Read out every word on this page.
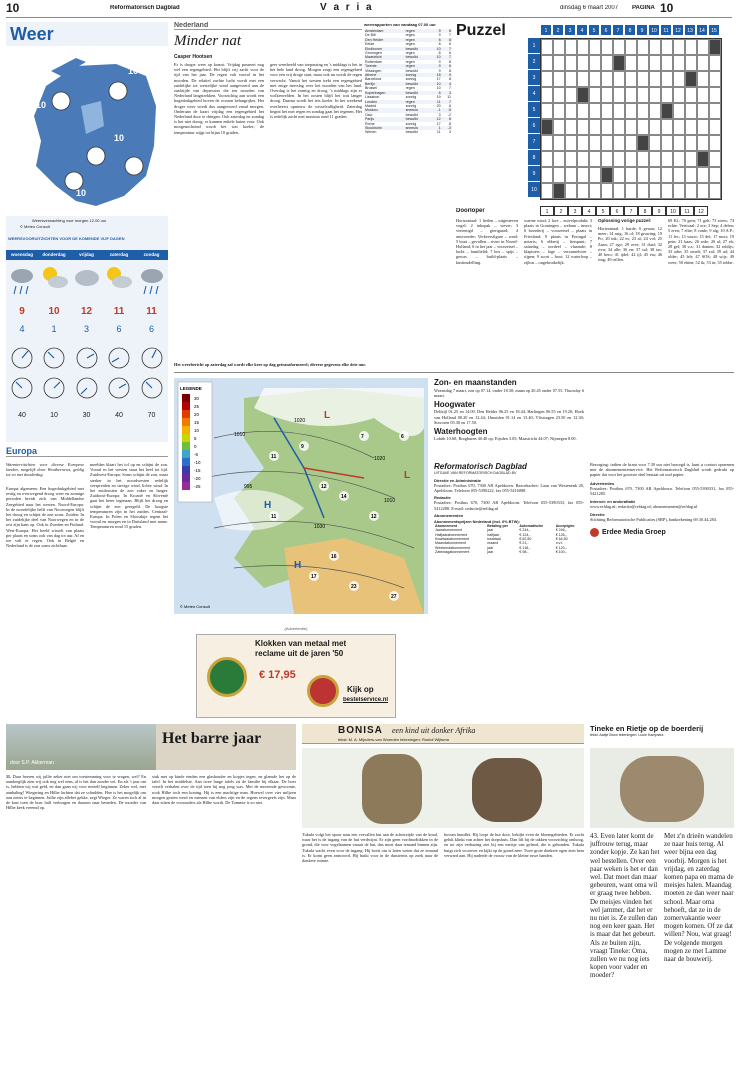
10	Reformatorisch Dagblad	V a r i a	dinsdag 6 maart 2007 PAGINA 10
Weer
10
10
10
10	10
Weersverwachting voor morgen 12.00 uur
© Meteo Consult
WEERSVOORUITZICHTEN VOOR DE KOMENDE VIJF DAGEN
woensdag	donderdag	vrijdag	zaterdag	zondag
9	10	12	11	11
4	1	3	6	6
40	10	30	40	70
Nederland
Minder nat
Casper Hootsen
Er is droger weer op komst. Vrijdag passeert nog wel een regengebied. Het blijft vrij zacht voor de tijd van het jaar. De regen valt vooral in het noorden. De relatief zachte lucht wordt met een zuidelijke tot westelijke wind aangevoerd aan de zuidzijde van depressies die ten noorden van Nederland langstrekken. Voorzichtig aan wordt een hogedrukgebied boven de oceaan belangrijker. Het droger weer wordt dus aangevoerd vanaf morgen. Onderaan de kaart vrijdag een regengebied het Nederland door te dringen. Ook zaterdag en zondag is het niet droog; er kunnen enkele buien voor. Ook morgenochtend wordt het wat koeler; de temperatuur stijgt tot bijna 10 graden.
geer weerbeeld van toepassing en 's middags is het in het hele land droog. Morgen zorgt een regengebied voor een vrij droge start, maar ook nu wordt de regen verwacht. Vanuit het westen trekt een regengebied met enige neerslag over het noorden van het land. Overdag is het zonnig en droog, 's middags zijn er wolkenvelden. In het oosten blijft het wat langer droog. Daarna wordt het iets koeler. In het weekend overheerst opnieuw de wisselvalligheid. Zaterdag begint het met regen en zondag gaat het regenen. Het is redelijk zacht met maxima rond 11 graden.
weerrapporten van vandaag 07.00 uur
Amsterdam	regen	9	8
De Bilt	regen	9	7
Den Helder	regen	8	8
Eelde	regen	8	6
Eindhoven	bewolkt	10	7
Groningen	regen	8	6
Maastricht	bewolkt	10	7
Rotterdam	regen	9	8
Twente	regen	9	6
Vlissingen	bewolkt	9	8
Athene	zonnig	18	9
Barcelona	zonnig	17	8
Berlijn	bewolkt	10	4
Brussel	regen	10	7
Kopenhagen	bewolkt	6	3
Lissabon	zonnig	19	11
Londen	regen	11	7
Madrid	zonnig	20	6
Moskou	sneeuw	-1	-5
Oslo	bewolkt	3	-2
Parijs	bewolkt	12	6
Rome	zonnig	17	8
Stockholm	sneeuw	1	-3
Wenen	bewolkt	11	3
Puzzel	1	2	3	4	5	6	7	8	9	10	11	12	13	14	15
1
2
3
4
5
6
7
8
9
10
1	2	3	4	5	6	7	8	9	10	11	12
Doorloper
Horizontaal: 1 heilen – uitgesteven vogel; 2 inkopak – wever; 3 vereenigd – gierigaard; 4 ansvoerder; Verkeersfigure – rond; 5 bont – gevallen – rivier in Noord-Holland; 6 in het jaar – voorzetsel – lucht – familielid; 7 bos – spijs – gewas – build-plaats – kustinsdelling.
warme wind; 2 fore – zuivelprodukt; 3 plaats in Groningen – welaan – insect; 6 boerderij – voorzetsel – plaats in Friesland; 9 plaats in Portugal – notaris; 6 ebbetij – fietspunt; 7 saturdag – oordeel – vlaamde; 8 klaptoets – lage – verzamelvoer – rijpen; 9 soort – hooi; 12 waterloop – zijbus – ongebruikelijk.
Oplossing vorige puzzel:
Horizontaal: 1 barde; 6 geraar; 12 meer; 14 ruig; 16 ol; 18 gruwing; 19 Po; 20 ink; 22 es; 23 al; 24 vol; 25 Zaan; 27 ego; 29 over; 31 dual; 32 rivu; 34 alle; 36 en; 37 sol; 38 tas; 40 hero; 41 ijdel; 42 ijl; 45 eta; 46 ring; 49 trillen.
69 Kl.; 70 gein; 71 gelt; 73 strew; 74 echte. Verticaal: 2 ore; 3 Sep; 4 delen; 5 eren; 7 elite; 8 vanle; 9 alg; 10 A.P.; 11 lec; 13 wurst; 15 del; 17 mort; 19 pein; 21 kaas; 26 rede; 26 al; 27 eh; 28 gel; 30 v.a.; 31 damen; 32 rohlijs; 33 adie; 35 omelt; 37 zal; 39 ad; 44 older; 45 lelr; 47 SOS; 48 wijs; 49 weer; 50 ehten; 52 ik; 53 in; 55 tobbe.
Het weerbericht op zaterdag zal wordt elke keer op dag getransformeerd; diverse gegevens elke drie uur.
Europa
Warmterritichten voor diverse Europese landen, mogelijk door Weathernews, geldig tot en met donderdag.
Europa algemeen: Een hogedrukgebied met restig en overwegend droog weer en zonnige perioden breidt zich van Middellandse Zeegebied naar het westen. Noord-Europa: In de noordelijke helft van Noorwegen blijft het droog en schijnt de zon soms. Zuiden: In het zuidelijke deel van Noorwegen en in de rest zijn kans op. Ook in Zweden en Finland. West-Europa: Het beeld wisselt van plaats per plaats en soms ook van dag tot uur. Af en toe valt er regen. Ook in België en Nederland is de zon soms zichtbaar.
meelden klaart het tol op en schijnt de zon. Vooral in het westen staat het heel tot tijd. Zuidwest-Europa: Soms schijnt de zon, maar sterker in het noordwesten redelijk verspreiden en stevige wind, lichte wind. In het zuidoosten de zon vaker en langer. Zuidoost-Europa: In Kroatië en Slovenië gaat het beter tegenaan. Blijft het droog en schijnt de zon geregeld. De hoogste temperaturen zijn in het zuiden. Centraal-Europa: In Polen en Slowakije regent het vooral en morgen en in Duitsland met name. Temperaturen rond 15 graden.
LEGENDE
30
25
20
15
10
5
0
-5
-10
-15
-20
-25
1010
1020
1020
1030
1010
995
11
9
12
14
7
12
16
6
27
23
17
11
H
L
L
H
© Meteo Consult
Zon- en maanstanden
Woensdag 7 maart, zon op 07.14, onder 18.30; maan op 20.45 onder 07.55. Thursday 6 maart.
Hoogwater
Delfzijl 01.25 en 14.00, Den Helder 06.25 en 18.44, Harlingen 06.55 en 19.20; Hoek van Holland 00.20 en 12.44; IJmuiden 01.14 en 13.40; Vlissingen 23.50 en 12.30; Stavoren 05.30 en 17.50.
Waterhoogten
Lobith 10.60; Borgharen 40.40 op; Eijsden 3.05; Maastricht 44.07; Nijmegen 8.00.
Reformatorisch Dagblad
UITGAVE VAN REFORMATORISCH DAGBLAD BV
Directie en Administratie
Postadres: Postbus 670, 7300 AR Apeldoorn. Bezoekadres: Laan van Westenenk 20, Apeldoorn. Telefoon 055-5390222, fax 055-5416088.
Redactie
Postadres: Postbus 670, 7300 AR Apeldoorn. Telefoon 055-5390333, fax 055-5412288. E-mail: redactie@refdag.nl
Abonnementen
Abonnementsprijzen Nederland (incl. 6% BTW):
Abonnement	Betaling per	Automatische	Acceptgiro
Jaarabonnement	jaar	€ 244,-	€ 246,-
Halfjaarabonnement	halfjaar	€ 124,-	€ 126,-
Kwartaalabonnement	kwartaal	€ 62,50	€ 64,50
Maandabonnement	maand	€ 21,-	n.v.t.
Weekendabonnement	jaar	€ 118,-	€ 120,-
Zaterdagabonnement	jaar	€ 98,-	€ 100,-
Bezorging: indien de krant voor 7.30 uur niet bezorgd is, kunt u contact opnemen met de abonnementenservice. Het Reformatorisch Dagblad wordt gedrukt op papier dat voor het grootste deel bestaat uit oud papier.
Advertenties
Postadres: Postbus 670, 7300 AR Apeldoorn. Telefoon 055-5390331, fax 055-5421285.
Internet: en anderaflatie
www.refdag.nl; redactie@refdag.nl; abonnementen@refdag.nl
Directie
Stichting Reformatorische Publicaties (SRP), bankrekening 69.30.44.284.
Erdee Media Groep
(Advertentie)
Klokken van metaal met
reclame uit de jaren '50
€ 17,95
Kijk op
bestelservice.nl
Het barre jaar
door S.P. Akkerman
11. Daar hoeren wij jullie zeker niet om toestemming voor te vragen, wel? En aandoeglijk zien wij ook nog wel eens, al is het dan zonder vet. En als 't jaar om is, hebben wij wat geld, en dan gaan wij voor mezelf beginnen. Zeker wel, met aanhaling! Wiegering en Hilbe lachten dat ze schudden. Hoe is het mogelijk om aan zoiets te beginnen. Jullie zijn allebei gekke, zegt Wieger. Ze waren toch al in de kast toen de boer half verborgen en daarom naar beneden. De moeder van Hilbe keek vreemd op.
stak met op kinde einden een glashouder en kopjes tegen, en glansde het op de tafel. In het middelste. Aan twee lange tafels zit de familie bij elkaar. De boer vertelt verhalen over de tijd toen hij nog jong was. Met de morrende gewoonte, rook Hilbe toch een koning. Hij is een machtige man. Hoewel over vier miljoen morgen gezien werd en mensen van elders zijn en de regens tevergeefs zijn. Maar daar zitten de voorouders als Hilbe wordt. De Tommie is zo niet.
BONISA een kind uit donker Afrika
tekst: M. A. Mijnders-van Woerden tekeningen: Roelof Wijtsma
Tukula volgt het spoor naar een vervallen hut aan de achterzijde van de kraal, waar het is de ingang van de hut verdwijnt. Er zijn geen vordinodtikken in de grond, die voor vogelnamen vanuit de hut, dus moet daar iemand binnen zijn. Tukula wacht even voor de ingang. Hij boeit om is laten weten dat ze iemand is. Er komt geen antwoord. Hij buikt voor in de duisternis op zoek naar de donkere ruimte.
bossen bundlet. Hij loopt de hut door, bekijkt even de bloemgebieden. Er zacht geluk klinkt van achter het dorpshuis. Dan lift hij de takken voorzichtig omhoog, en tot zijn verbazing ziet hij een meisje van geland, die is gebonden. Tukula buigt zich voorover en kijkt op de grond neer. Twee grote donkere ogen zien hem verward aan. Hij naderde de vrouw van de kleine ruwe handen.
Tineke en Rietje op de boerderij
tekst: Aaltje Boon tekeningen: Lucie Kampstra
43. Even later komt de juffrouw terug, maar zonder kopje. Ze kan het wel bestellen. Over een paar weken is het er dan wel. Dat moet dan maar gebeuren, want oma wil er graag twee hebben. De meisjes vinden het wel jammer, dat het er nu niet is. Ze zullen dan nog een keer gaan. Het is maar dat het gebeurt. Als ze buiten zijn, vraagt Tineke: Oma, zullen we nu nog iets kopen voor vader en moeder?
Met z'n drieën wandelen ze naar huis terug. Al weer bijna een dag voorbij. Morgen is het vrijdag, en zaterdag komen papa en mama de meisjes halen. Maandag moeten ze dan weer naar school. Maar oma behoeft, dat ze in de zomervakantie weer mogen komen. Of ze dat willen? Nou, wat graag! De volgende morgen mogen ze met Lamme naar de bouwerij.
